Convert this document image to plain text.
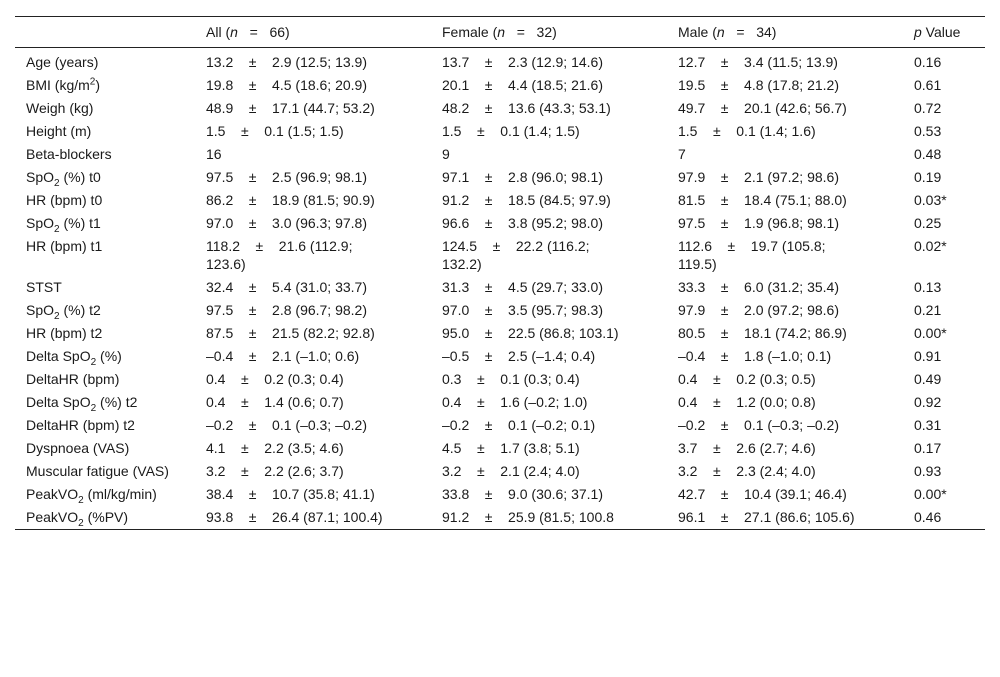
	All (n   =   66)	Female (n   =   32)	Male (n   =   34)	p Value
Age (years)	13.2    ±    2.9 (12.5; 13.9)	13.7    ±    2.3 (12.9; 14.6)	12.7    ±    3.4 (11.5; 13.9)	0.16
BMI $(kg/m^2)$	19.8    ±    4.5 (18.6; 20.9)	20.1    ±    4.4 (18.5; 21.6)	19.5    ±    4.8 (17.8; 21.2)	0.61
Weigh (kg)	48.9    ±    17.1 (44.7; 53.2)	48.2    ±    13.6 (43.3; 53.1)	49.7    ±    20.1 (42.6; 56.7)	0.72
Height (m)	1.5    ±    0.1 (1.5; 1.5)	1.5    ±    0.1 (1.4; 1.5)	1.5    ±    0.1 (1.4; 1.6)	0.53
Beta-blockers	16	9	7	0.48
SpO$_2$ (%) t0	97.5    ±    2.5 (96.9; 98.1)	97.1    ±    2.8 (96.0; 98.1)	97.9    ±    2.1 (97.2; 98.6)	0.19
HR (bpm) t0	86.2    ±    18.9 (81.5; 90.9)	91.2    ±    18.5 (84.5; 97.9)	81.5    ±    18.4 (75.1; 88.0)	0.03*
SpO$_2$ (%) t1	97.0    ±    3.0 (96.3; 97.8)	96.6    ±    3.8 (95.2; 98.0)	97.5    ±    1.9 (96.8; 98.1)	0.25
HR (bpm) t1	118.2    ±    21.6 (112.9; 123.6)	124.5    ±    22.2 (116.2; 132.2)	112.6    ±    19.7 (105.8; 119.5)	0.02*
STST	32.4    ±    5.4 (31.0; 33.7)	31.3    ±    4.5 (29.7; 33.0)	33.3    ±    6.0 (31.2; 35.4)	0.13
SpO$_2$ (%) t2	97.5    ±    2.8 (96.7; 98.2)	97.0    ±    3.5 (95.7; 98.3)	97.9    ±    2.0 (97.2; 98.6)	0.21
HR (bpm) t2	87.5    ±    21.5 (82.2; 92.8)	95.0    ±    22.5 (86.8; 103.1)	80.5    ±    18.1 (74.2; 86.9)	0.00*
Delta SpO$_2$ (%)	–0.4    ±    2.1 (–1.0; 0.6)	–0.5    ±    2.5 (–1.4; 0.4)	–0.4    ±    1.8 (–1.0; 0.1)	0.91
DeltaHR (bpm)	0.4    ±    0.2 (0.3; 0.4)	0.3    ±    0.1 (0.3; 0.4)	0.4    ±    0.2 (0.3; 0.5)	0.49
Delta SpO$_2$ (%) t2	0.4    ±    1.4 (0.6; 0.7)	0.4    ±    1.6 (–0.2; 1.0)	0.4    ±    1.2 (0.0; 0.8)	0.92
DeltaHR (bpm) t2	–0.2    ±    0.1 (–0.3; –0.2)	–0.2    ±    0.1 (–0.2; 0.1)	–0.2    ±    0.1 (–0.3; –0.2)	0.31
Dyspnoea (VAS)	4.1    ±    2.2 (3.5; 4.6)	4.5    ±    1.7 (3.8; 5.1)	3.7    ±    2.6 (2.7; 4.6)	0.17
Muscular fatigue (VAS)	3.2    ±    2.2 (2.6; 3.7)	3.2    ±    2.1 (2.4; 4.0)	3.2    ±    2.3 (2.4; 4.0)	0.93
PeakVO$_2$ (ml/kg/min)	38.4    ±    10.7 (35.8; 41.1)	33.8    ±    9.0 (30.6; 37.1)	42.7    ±    10.4 (39.1; 46.4)	0.00*
PeakVO$_2$ (%PV)	93.8    ±    26.4 (87.1; 100.4)	91.2    ±    25.9 (81.5; 100.8	96.1    ±    27.1 (86.6; 105.6)	0.46
